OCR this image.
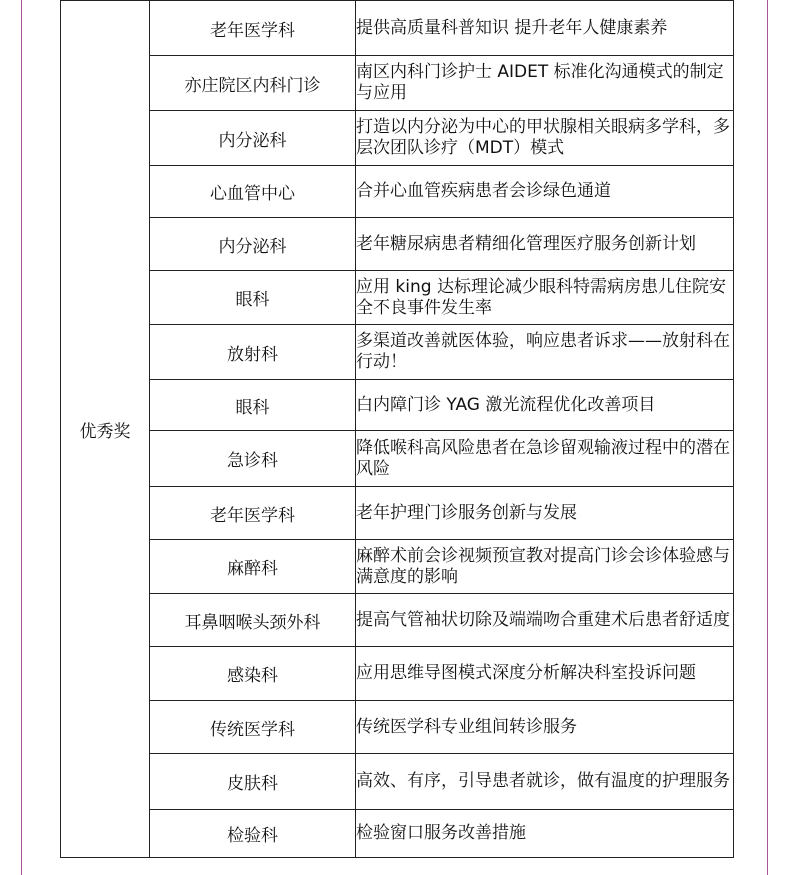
优秀奖	老年医学科	提供高质量科普知识 提升老年人健康素养
	亦庄院区内科门诊	南区内科门诊护士 AIDET 标准化沟通模式的制定与应用
	内分泌科	打造以内分泌为中心的甲状腺相关眼病多学科，多层次团队诊疗（MDT）模式
	心血管中心	合并心血管疾病患者会诊绿色通道
	内分泌科	老年糖尿病患者精细化管理医疗服务创新计划
	眼科	应用 king 达标理论减少眼科特需病房患儿住院安全不良事件发生率
	放射科	多渠道改善就医体验，响应患者诉求——放射科在行动！
	眼科	白内障门诊 YAG 激光流程优化改善项目
	急诊科	降低喉科高风险患者在急诊留观输液过程中的潜在风险
	老年医学科	老年护理门诊服务创新与发展
	麻醉科	麻醉术前会诊视频预宣教对提高门诊会诊体验感与满意度的影响
	耳鼻咽喉头颈外科	提高气管袖状切除及端端吻合重建术后患者舒适度
	感染科	应用思维导图模式深度分析解决科室投诉问题
	传统医学科	传统医学科专业组间转诊服务
	皮肤科	高效、有序，引导患者就诊，做有温度的护理服务
	检验科	检验窗口服务改善措施
